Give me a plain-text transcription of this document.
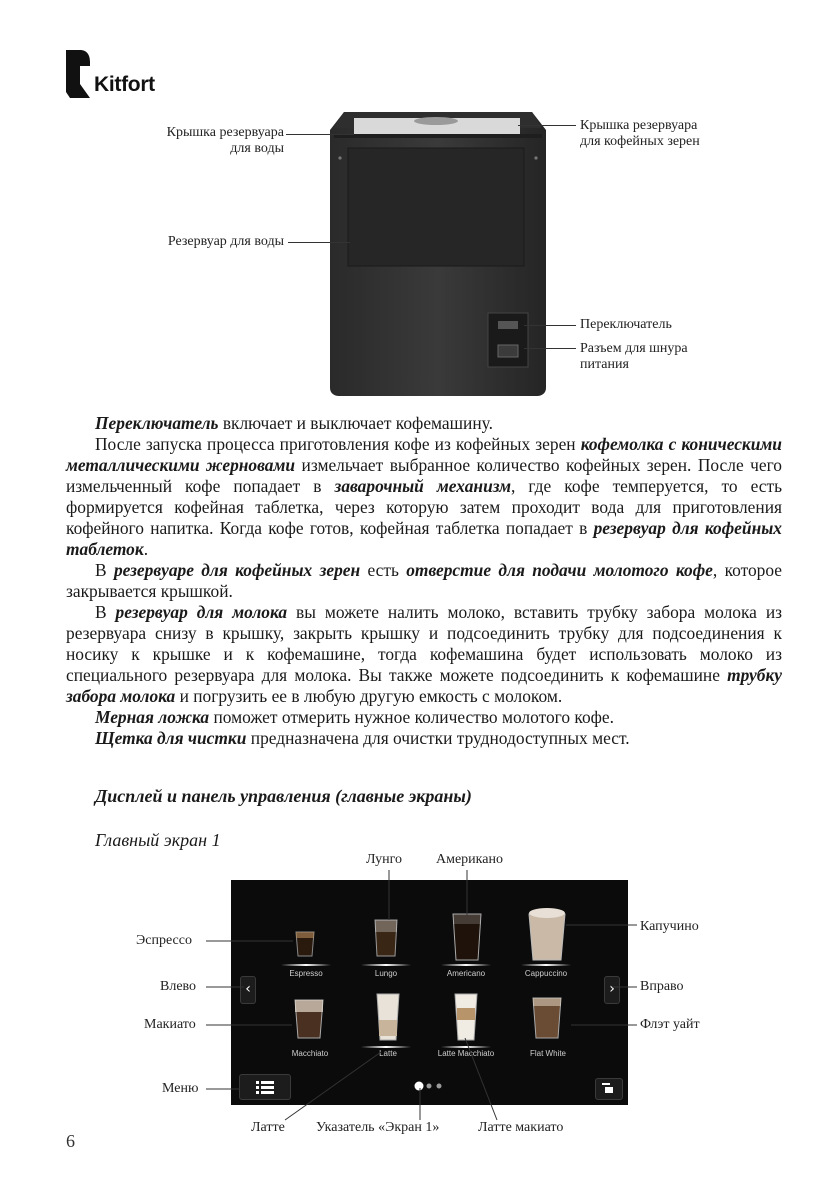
Kitfort
Крышка резервуара
для воды
Резервуар для воды
Крышка резервуара
для кофейных зерен
Переключатель
Разъем для шнура
питания

Переключатель включает и выключает кофемашину.

После запуска процесса приготовления кофе из кофейных зерен кофемолка с коническими металлическими жерновами измельчает выбранное количество кофейных зерен. После чего измельченный кофе попадает в заварочный механизм, где кофе темперуется, то есть формируется кофейная таблетка, через которую затем проходит вода для приготовления кофейного напитка. Когда кофе готов, кофейная таблетка попадает в резервуар для кофейных таблеток.

В резервуаре для кофейных зерен есть отверстие для подачи молотого кофе, которое закрывается крышкой.

В резервуар для молока вы можете налить молоко, вставить трубку забора молока из резервуара снизу в крышку, закрыть крышку и подсоединить трубку для подсоединения к носику к крышке и к кофемашине, тогда кофемашина будет использовать молоко из специального резервуара для молока. Вы также можете подсоединить к кофемашине трубку забора молока и погрузить ее в любую другую емкость с молоком.

Мерная ложка поможет отмерить нужное количество молотого кофе.

Щетка для чистки предназначена для очистки труднодоступных мест.

Дисплей и панель управления (главные экраны)
Главный экран 1
Espresso	Lungo	Americano	Cappuccino
‹	›
Macchiato	Latte	Latte Macchiato	Flat White
Лунго Американо
Эспрессо
Капучино
Влево	Вправо
Макиато	Флэт уайт
Меню
Латте Указатель «Экран 1»	Латте макиато
6
